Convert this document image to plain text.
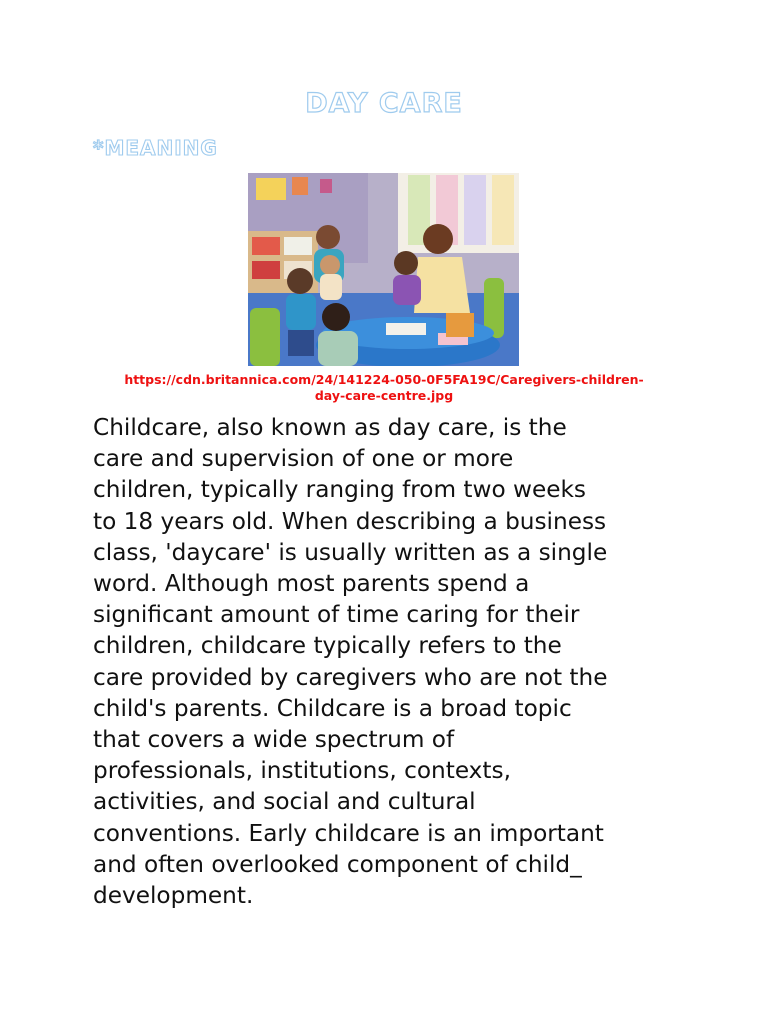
DAY CARE
*MEANING

https://cdn.britannica.com/24/141224-050-0F5FA19C/Caregivers-children-day-care-centre.jpg

Childcare, also known as day care, is the
care and supervision of one or more
children, typically ranging from two weeks
to 18 years old. When describing a business
class, 'daycare' is usually written as a single
word. Although most parents spend a
significant amount of time caring for their
children, childcare typically refers to the
care provided by caregivers who are not the
child's parents. Childcare is a broad topic
that covers a wide spectrum of
professionals, institutions, contexts,
activities, and social and cultural
conventions. Early childcare is an important
and often overlooked component of child_
development.
